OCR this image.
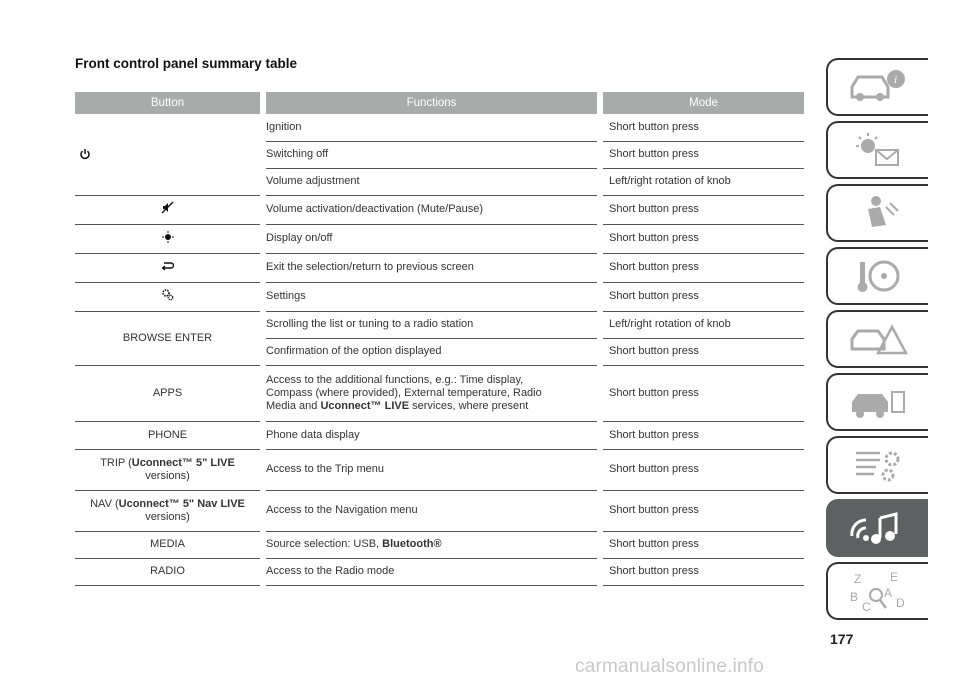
Front control panel summary table
Button		Functions		Mode

		Ignition		Short button press
		Switching off		Short button press
		Volume adjustment		Left/right rotation of knob

		Volume activation/deactivation (Mute/Pause)		Short button press

		Display on/off		Short button press

		Exit the selection/return to previous screen		Short button press

		Settings		Short button press
BROWSE ENTER		Scrolling the list or tuning to a radio station		Left/right rotation of knob
		Confirmation of the option displayed		Short button press
APPS		Access to the additional functions, e.g.: Time display,
Compass (where provided), External temperature, Radio
Media and Uconnect™ LIVE services, where present		Short button press
PHONE		Phone data display		Short button press
TRIP (Uconnect™ 5" LIVE
versions)		Access to the Trip menu		Short button press
NAV (Uconnect™ 5" Nav LIVE
versions)		Access to the Navigation menu		Short button press
MEDIA		Source selection: USB, Bluetooth®		Short button press
RADIO		Access to the Radio mode		Short button press
i
Z E
B A
C D
177
carmanualsonline.info
